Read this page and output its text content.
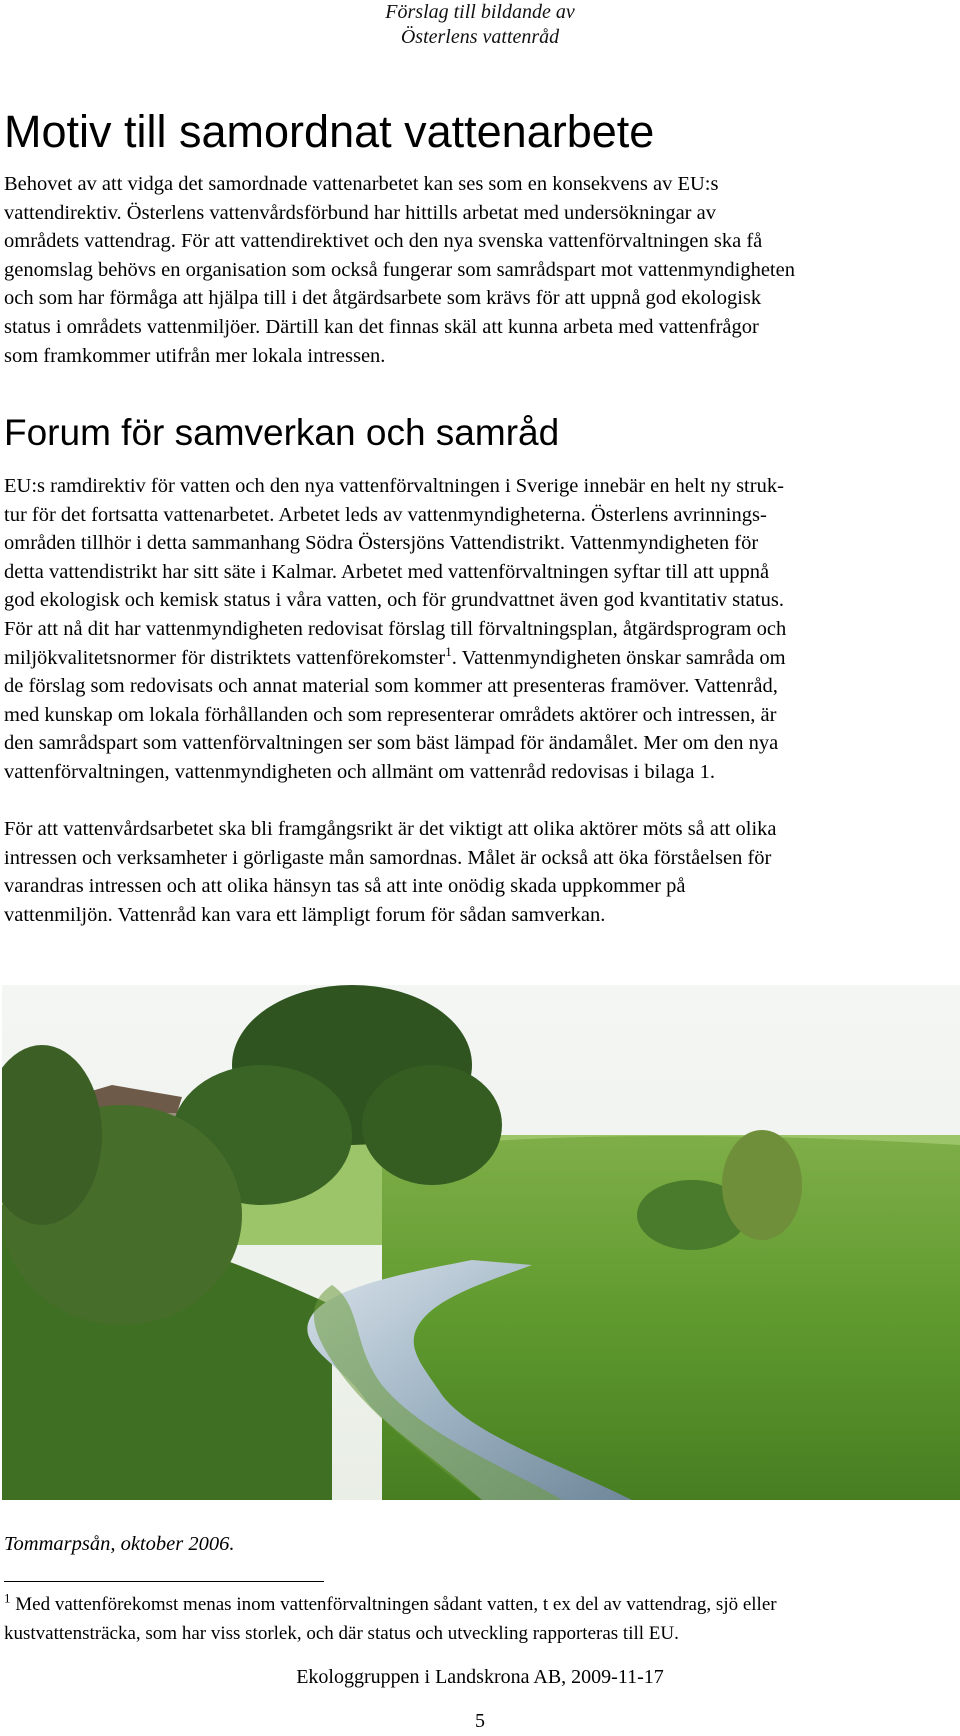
Förslag till bildande av
Österlens vattenråd
Motiv till samordnat vattenarbete

Behovet av att vidga det samordnade vattenarbetet kan ses som en konsekvens av EU:s
vattendirektiv. Österlens vattenvårdsförbund har hittills arbetat med undersökningar av
områdets vattendrag. För att vattendirektivet och den nya svenska vattenförvaltningen ska få
genomslag behövs en organisation som också fungerar som samrådspart mot vattenmyndigheten
och som har förmåga att hjälpa till i det åtgärdsarbete som krävs för att uppnå god ekologisk
status i områdets vattenmiljöer. Därtill kan det finnas skäl att kunna arbeta med vattenfrågor
som framkommer utifrån mer lokala intressen.

Forum för samverkan och samråd

EU:s ramdirektiv för vatten och den nya vattenförvaltningen i Sverige innebär en helt ny struk-
tur för det fortsatta vattenarbetet. Arbetet leds av vattenmyndigheterna. Österlens avrinnings-
områden tillhör i detta sammanhang Södra Östersjöns Vattendistrikt. Vattenmyndigheten för
detta vattendistrikt har sitt säte i Kalmar. Arbetet med vattenförvaltningen syftar till att uppnå
god ekologisk och kemisk status i våra vatten, och för grundvattnet även god kvantitativ status.
För att nå dit har vattenmyndigheten redovisat förslag till förvaltningsplan, åtgärdsprogram och
miljökvalitetsnormer för distriktets vattenförekomster$^1$. Vattenmyndigheten önskar samråda om
de förslag som redovisats och annat material som kommer att presenteras framöver. Vattenråd,
med kunskap om lokala förhållanden och som representerar områdets aktörer och intressen, är
den samrådspart som vattenförvaltningen ser som bäst lämpad för ändamålet. Mer om den nya
vattenförvaltningen, vattenmyndigheten och allmänt om vattenråd redovisas i bilaga 1.

För att vattenvårdsarbetet ska bli framgångsrikt är det viktigt att olika aktörer möts så att olika
intressen och verksamheter i görligaste mån samordnas. Målet är också att öka förståelsen för
varandras intressen och att olika hänsyn tas så att inte onödig skada uppkommer på
vattenmiljön. Vattenråd kan vara ett lämpligt forum för sådan samverkan.

Tommarpsån, oktober 2006.

$^1$ Med vattenförekomst menas inom vattenförvaltningen sådant vatten, t ex del av vattendrag, sjö eller
kustvattensträcka, som har viss storlek, och där status och utveckling rapporteras till EU.

Ekologgruppen i Landskrona AB, 2009-11-17
5
